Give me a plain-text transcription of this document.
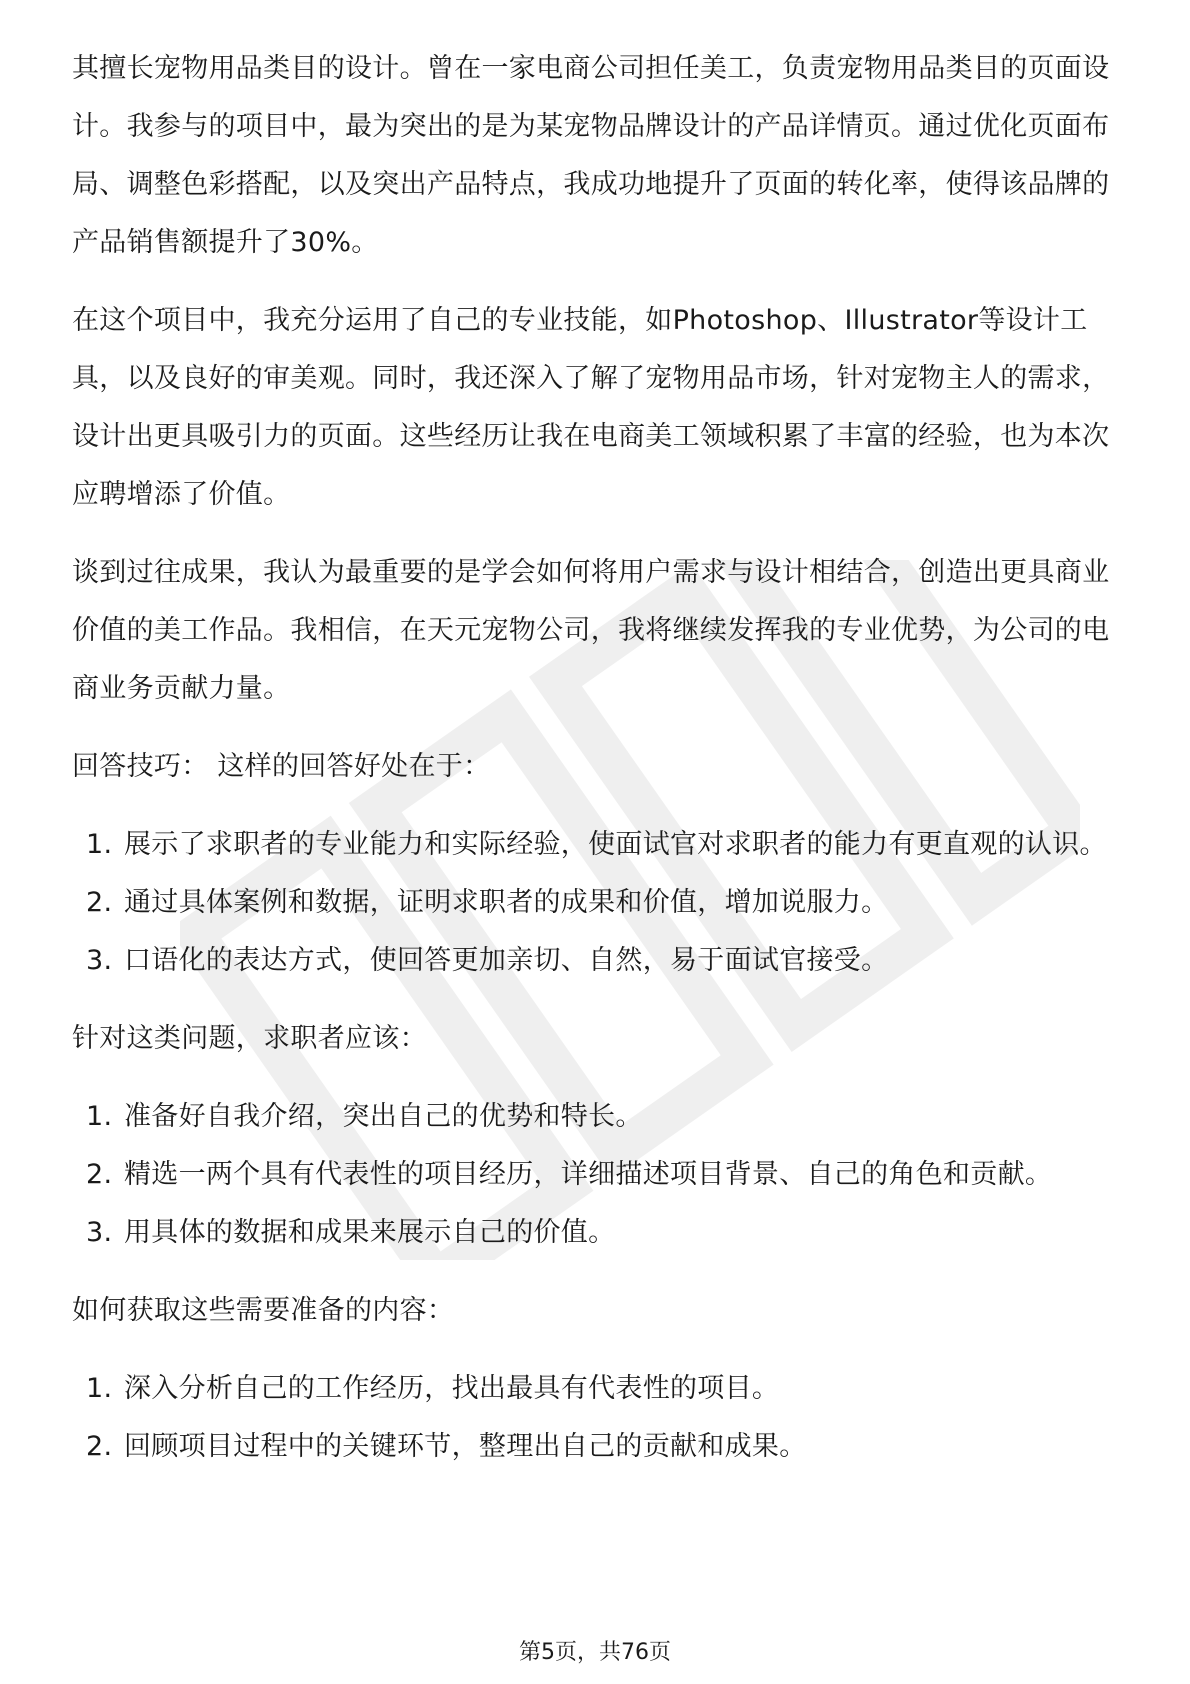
其擅长宠物用品类目的设计。曾在一家电商公司担任美工，负责宠物用品类目的页面设计。我参与的项目中，最为突出的是为某宠物品牌设计的产品详情页。通过优化页面布局、调整色彩搭配，以及突出产品特点，我成功地提升了页面的转化率，使得该品牌的产品销售额提升了30%。

在这个项目中，我充分运用了自己的专业技能，如Photoshop、Illustrator等设计工具，以及良好的审美观。同时，我还深入了解了宠物用品市场，针对宠物主人的需求，设计出更具吸引力的页面。这些经历让我在电商美工领域积累了丰富的经验，也为本次应聘增添了价值。

谈到过往成果，我认为最重要的是学会如何将用户需求与设计相结合，创造出更具商业价值的美工作品。我相信，在天元宠物公司，我将继续发挥我的专业优势，为公司的电商业务贡献力量。

回答技巧： 这样的回答好处在于：

1. 展示了求职者的专业能力和实际经验，使面试官对求职者的能力有更直观的认识。
2. 通过具体案例和数据，证明求职者的成果和价值，增加说服力。
3. 口语化的表达方式，使回答更加亲切、自然，易于面试官接受。

针对这类问题，求职者应该：

1. 准备好自我介绍，突出自己的优势和特长。
2. 精选一两个具有代表性的项目经历，详细描述项目背景、自己的角色和贡献。
3. 用具体的数据和成果来展示自己的价值。

如何获取这些需要准备的内容：

1. 深入分析自己的工作经历，找出最具有代表性的项目。
2. 回顾项目过程中的关键环节，整理出自己的贡献和成果。
第5页，共76页
